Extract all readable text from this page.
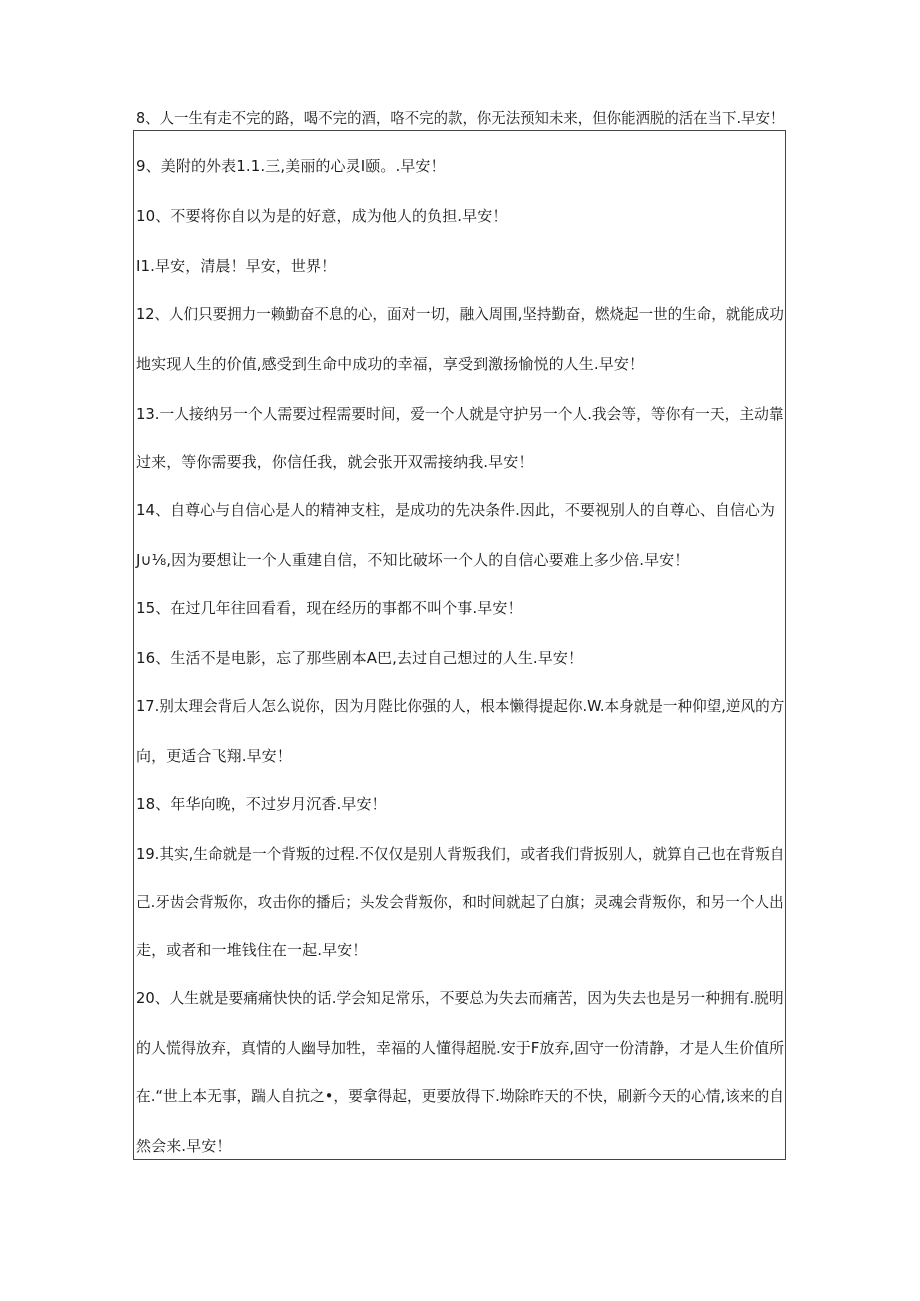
8、人一生有走不完的路，喝不完的酒，咯不完的款，你无法预知未来，但你能洒脱的活在当下.早安！
9、美附的外表1.1.三,美丽的心灵I颐。.早安！
10、不要将你自以为是的好意，成为他人的负担.早安！
I1.早安，清晨！早安，世界！
12、人们只要拥力一赖勤奋不息的心，面对一切，融入周围,坚持勤奋，燃烧起一世的生命，就能成功
地实现人生的价值,感受到生命中成功的幸福，享受到激扬愉悦的人生.早安！
13.一人接纳另一个人需要过程需要时间，爱一个人就是守护另一个人.我会等，等你有一天，主动靠
过来，等你需要我，你信任我，就会张开双需接纳我.早安！
14、自尊心与自信心是人的精神支柱，是成功的先决条件.因此，不要视别人的自尊心、自信心为
J∪⅛,因为要想让一个人重建自信，不知比破坏一个人的自信心要难上多少倍.早安！
15、在过几年往回看看，现在经历的事都不叫个事.早安！
16、生活不是电影，忘了那些剧本A巴,去过自己想过的人生.早安！
17.别太理会背后人怎么说你，因为月陛比你强的人，根本懒得提起你.W.本身就是一种仰望,逆风的方
向，更适合飞翔.早安！
18、年华向晚，不过岁月沉香.早安！
19.其实,生命就是一个背叛的过程.不仅仅是别人背叛我们，或者我们背扳别人，就算自己也在背叛自
己.牙齿会背叛你，攻击你的播后；头发会背叛你，和时间就起了白旗；灵魂会背叛你，和另一个人出
走，或者和一堆钱住在一起.早安！
20、人生就是要痛痛快快的话.学会知足常乐，不要总为失去而痛苦，因为失去也是另一种拥有.脱明
的人慌得放弃，真情的人幽导加牲，幸福的人懂得超脱.安于F放弃,固守一份清静，才是人生价值所
在.“世上本无事，踹人自抗之•，要拿得起，更要放得下.坳除昨天的不快，刷新今天的心情,该来的自
然会来.早安！
